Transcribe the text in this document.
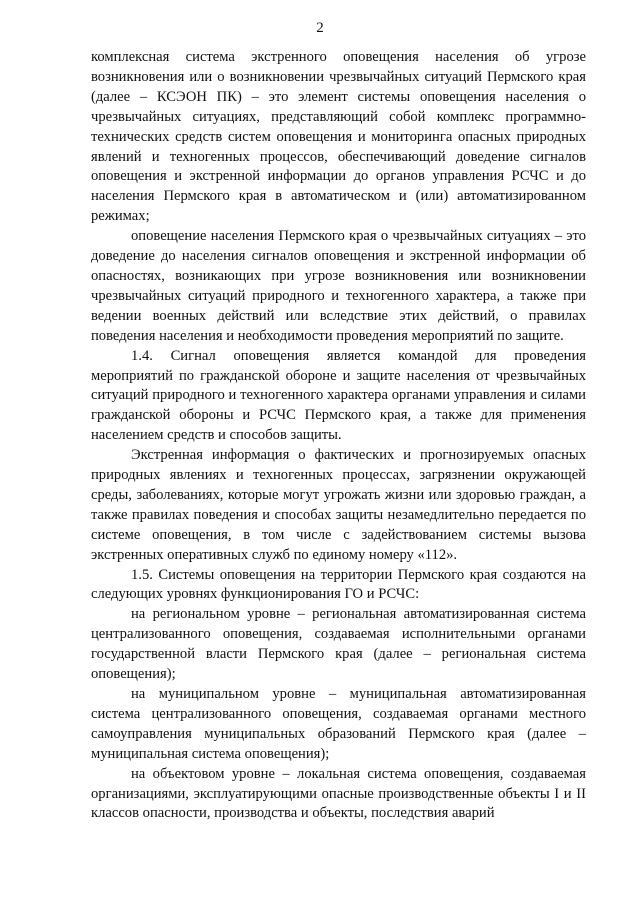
2

комплексная система экстренного оповещения населения об угрозе возникновения или о возникновении чрезвычайных ситуаций Пермского края (далее – КСЭОН ПК) – это элемент системы оповещения населения о чрезвычайных ситуациях, представляющий собой комплекс программно-технических средств систем оповещения и мониторинга опасных природных явлений и техногенных процессов, обеспечивающий доведение сигналов оповещения и экстренной информации до органов управления РСЧС и до населения Пермского края в автоматическом и (или) автоматизированном режимах;

оповещение населения Пермского края о чрезвычайных ситуациях – это доведение до населения сигналов оповещения и экстренной информации об опасностях, возникающих при угрозе возникновения или возникновении чрезвычайных ситуаций природного и техногенного характера, а также при ведении военных действий или вследствие этих действий, о правилах поведения населения и необходимости проведения мероприятий по защите.

1.4. Сигнал оповещения является командой для проведения мероприятий по гражданской обороне и защите населения от чрезвычайных ситуаций природного и техногенного характера органами управления и силами гражданской обороны и РСЧС Пермского края, а также для применения населением средств и способов защиты.

Экстренная информация о фактических и прогнозируемых опасных природных явлениях и техногенных процессах, загрязнении окружающей среды, заболеваниях, которые могут угрожать жизни или здоровью граждан, а также правилах поведения и способах защиты незамедлительно передается по системе оповещения, в том числе с задействованием системы вызова экстренных оперативных служб по единому номеру «112».

1.5. Системы оповещения на территории Пермского края создаются на следующих уровнях функционирования ГО и РСЧС:

на региональном уровне – региональная автоматизированная система централизованного оповещения, создаваемая исполнительными органами государственной власти Пермского края (далее – региональная система оповещения);

на муниципальном уровне – муниципальная автоматизированная система централизованного оповещения, создаваемая органами местного самоуправления муниципальных образований Пермского края (далее – муниципальная система оповещения);

на объектовом уровне – локальная система оповещения, создаваемая организациями, эксплуатирующими опасные производственные объекты I и II классов опасности, производства и объекты, последствия аварий
